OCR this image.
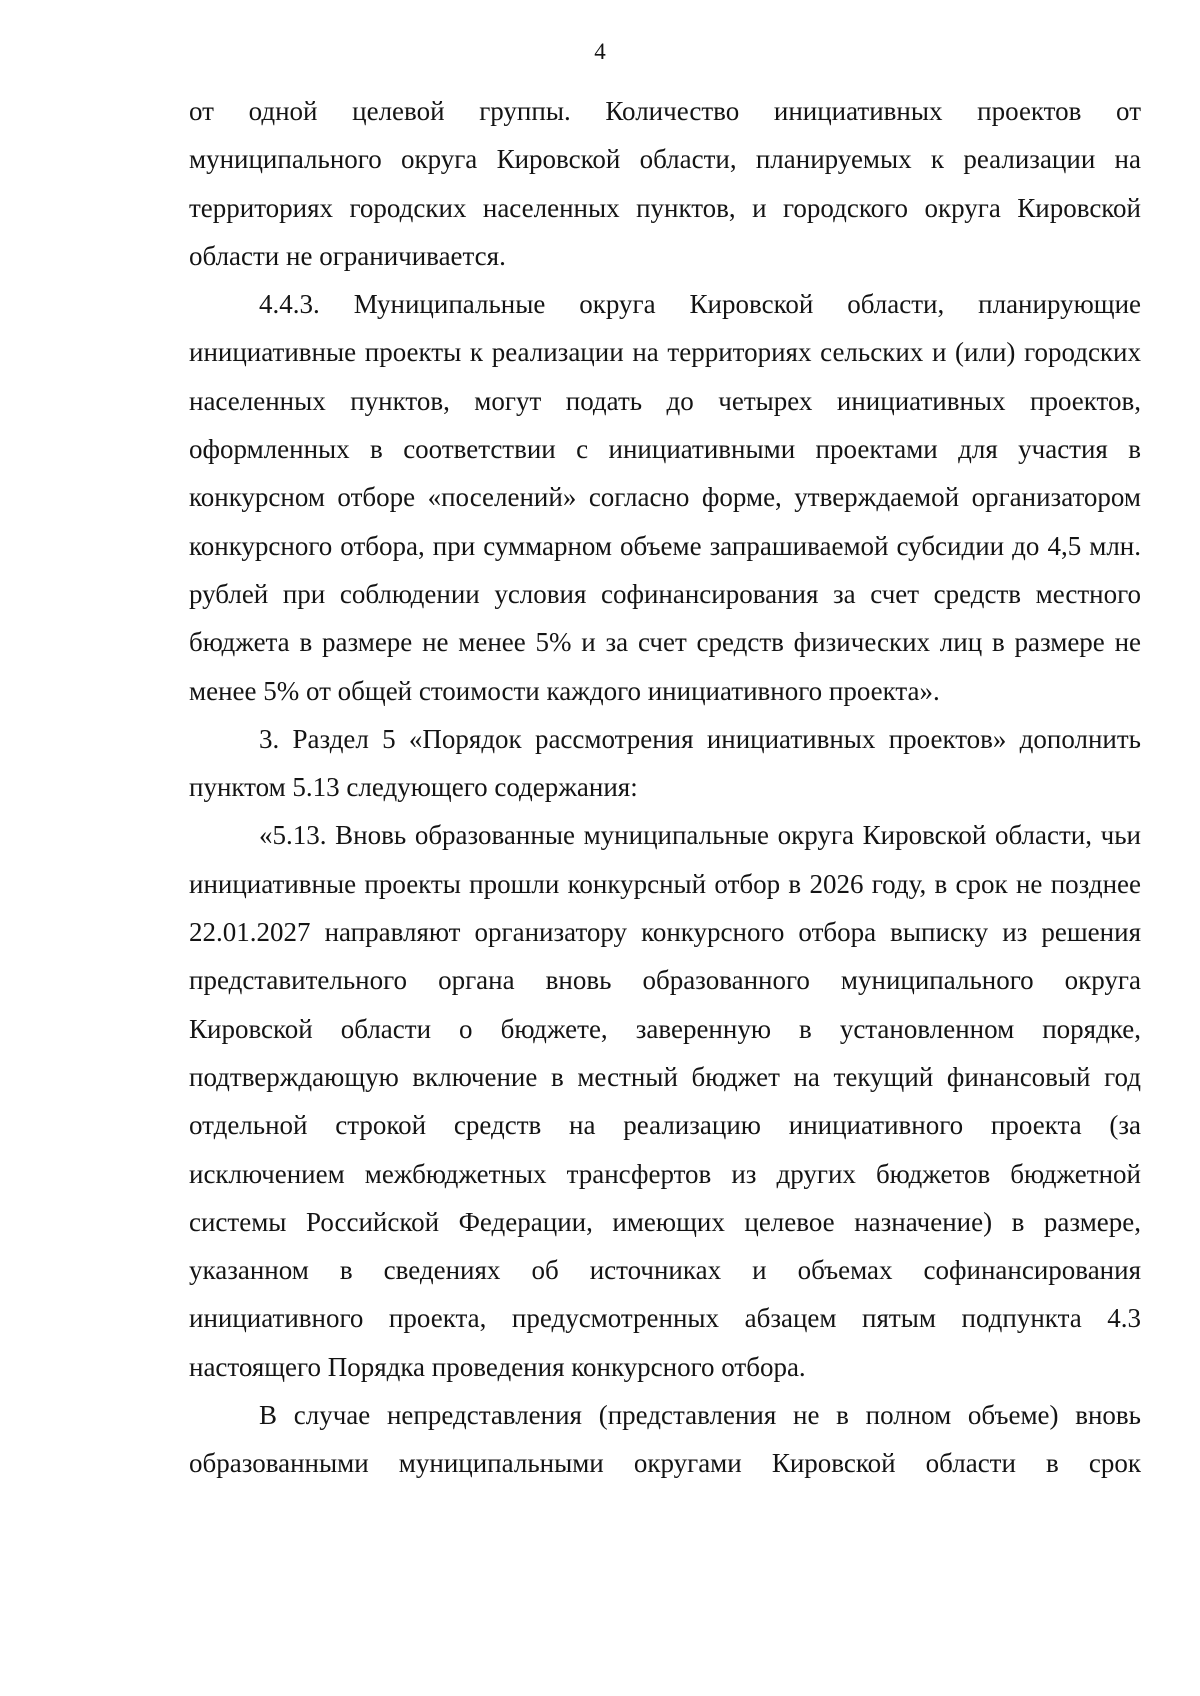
4

от одной целевой группы. Количество инициативных проектов от муниципального округа Кировской области, планируемых к реализации на территориях городских населенных пунктов, и городского округа Кировской области не ограничивается.

4.4.3. Муниципальные округа Кировской области, планирующие инициативные проекты к реализации на территориях сельских и (или) городских населенных пунктов, могут подать до четырех инициативных проектов, оформленных в соответствии с инициативными проектами для участия в конкурсном отборе «поселений» согласно форме, утверждаемой организатором конкурсного отбора, при суммарном объеме запрашиваемой субсидии до 4,5 млн. рублей при соблюдении условия софинансирования за счет средств местного бюджета в размере не менее 5% и за счет средств физических лиц в размере не менее 5% от общей стоимости каждого инициативного проекта».

3. Раздел 5 «Порядок рассмотрения инициативных проектов» дополнить пунктом 5.13 следующего содержания:

«5.13. Вновь образованные муниципальные округа Кировской области, чьи инициативные проекты прошли конкурсный отбор в 2026 году, в срок не позднее 22.01.2027 направляют организатору конкурсного отбора выписку из решения представительного органа вновь образованного муниципального округа Кировской области о бюджете, заверенную в установленном порядке, подтверждающую включение в местный бюджет на текущий финансовый год отдельной строкой средств на реализацию инициативного проекта (за исключением межбюджетных трансфертов из других бюджетов бюджетной системы Российской Федерации, имеющих целевое назначение) в размере, указанном в сведениях об источниках и объемах софинансирования инициативного проекта, предусмотренных абзацем пятым подпункта 4.3 настоящего Порядка проведения конкурсного отбора.

В случае непредставления (представления не в полном объеме) вновь образованными муниципальными округами Кировской области в срок
